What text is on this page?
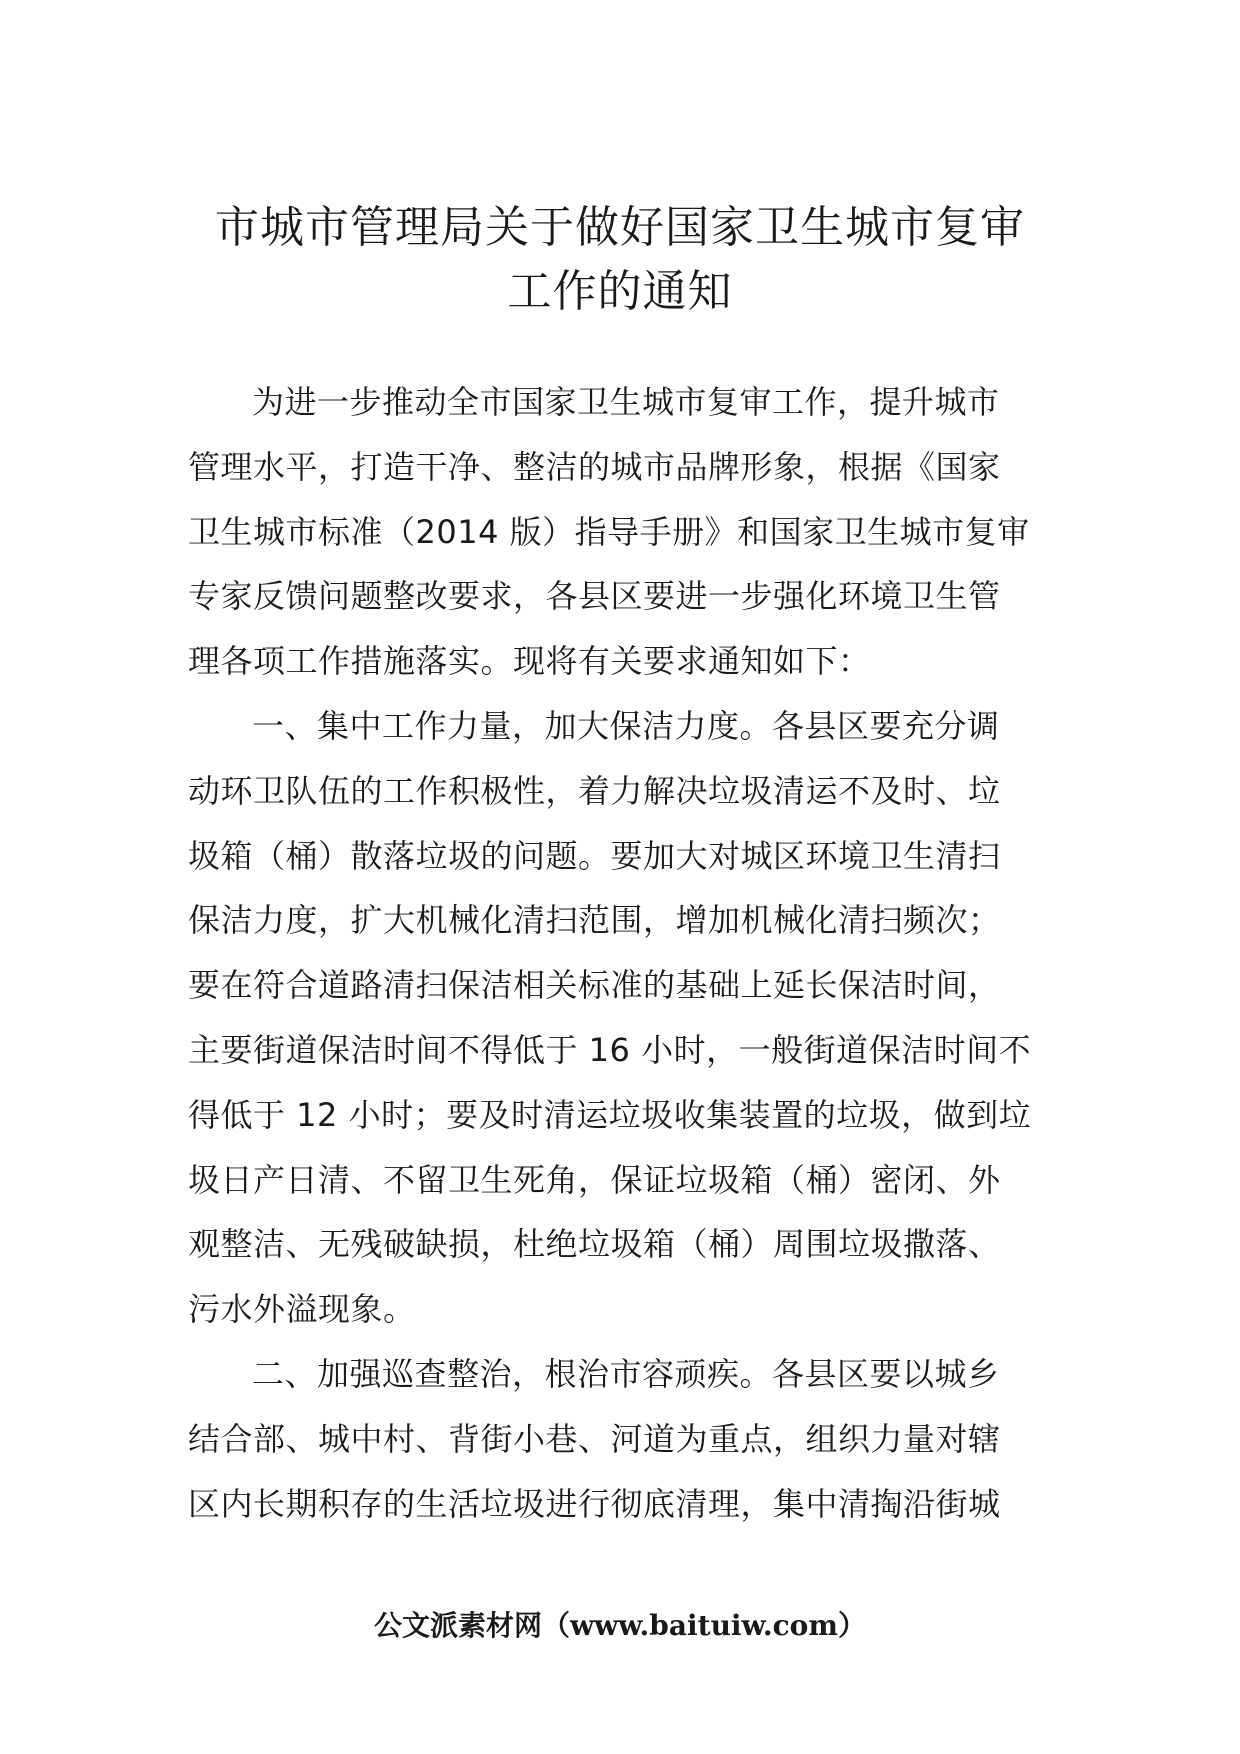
市城市管理局关于做好国家卫生城市复审
工作的通知

为进一步推动全市国家卫生城市复审工作，提升城市
管理水平，打造干净、整洁的城市品牌形象，根据《国家
卫生城市标准（2014 版）指导手册》和国家卫生城市复审
专家反馈问题整改要求，各县区要进一步强化环境卫生管
理各项工作措施落实。现将有关要求通知如下：

一、集中工作力量，加大保洁力度。各县区要充分调
动环卫队伍的工作积极性，着力解决垃圾清运不及时、垃
圾箱（桶）散落垃圾的问题。要加大对城区环境卫生清扫
保洁力度，扩大机械化清扫范围，增加机械化清扫频次；
要在符合道路清扫保洁相关标准的基础上延长保洁时间，
主要街道保洁时间不得低于 16 小时，一般街道保洁时间不
得低于 12 小时；要及时清运垃圾收集装置的垃圾，做到垃
圾日产日清、不留卫生死角，保证垃圾箱（桶）密闭、外
观整洁、无残破缺损，杜绝垃圾箱（桶）周围垃圾撒落、
污水外溢现象。

二、加强巡查整治，根治市容顽疾。各县区要以城乡
结合部、城中村、背街小巷、河道为重点，组织力量对辖
区内长期积存的生活垃圾进行彻底清理，集中清掏沿街城

公文派素材网（www.baituiw.com）
